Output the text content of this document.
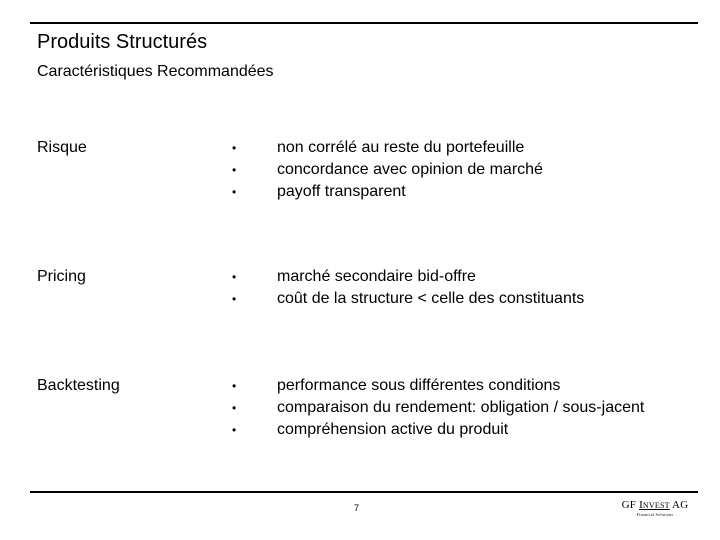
Produits Structurés
Caractéristiques Recommandées
Risque	•	non corrélé au reste du portefeuille
•	concordance avec opinion de marché
•	payoff transparent
Pricing	•	marché secondaire bid-offre
•	coût de la structure < celle des constituants
Backtesting	•	performance sous différentes conditions
•	comparaison du rendement: obligation / sous-jacent
•	compréhension active du produit
7	GF Invest AG
Financial Solutions
